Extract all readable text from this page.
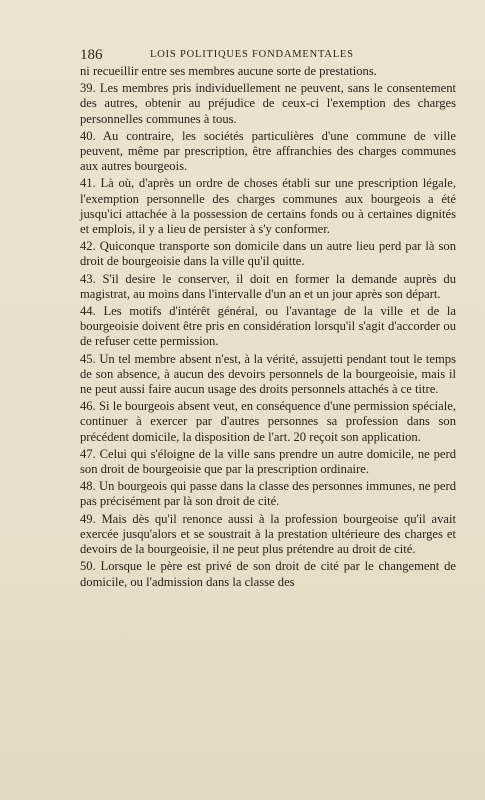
186	LOIS POLITIQUES FONDAMENTALES

ni recueillir entre ses membres aucune sorte de prestations.

39. Les membres pris individuellement ne peuvent, sans le consentement des autres, obtenir au préjudice de ceux-ci l'exemption des charges personnelles communes à tous.

40. Au contraire, les sociétés particulières d'une commune de ville peuvent, même par prescription, être affranchies des charges communes aux autres bourgeois.

41. Là où, d'après un ordre de choses établi sur une prescription légale, l'exemption personnelle des charges communes aux bourgeois a été jusqu'ici attachée à la possession de certains fonds ou à certaines dignités et emplois, il y a lieu de persister à s'y conformer.

42. Quiconque transporte son domicile dans un autre lieu perd par là son droit de bourgeoisie dans la ville qu'il quitte.

43. S'il desire le conserver, il doit en former la demande auprès du magistrat, au moins dans l'intervalle d'un an et un jour après son départ.

44. Les motifs d'intérêt général, ou l'avantage de la ville et de la bourgeoisie doivent être pris en considération lorsqu'il s'agit d'accorder ou de refuser cette permission.

45. Un tel membre absent n'est, à la vérité, assujetti pendant tout le temps de son absence, à aucun des devoirs personnels de la bourgeoisie, mais il ne peut aussi faire aucun usage des droits personnels attachés à ce titre.

46. Si le bourgeois absent veut, en conséquence d'une permission spéciale, continuer à exercer par d'autres personnes sa profession dans son précédent domicile, la disposition de l'art. 20 reçoit son application.

47. Celui qui s'éloigne de la ville sans prendre un autre domicile, ne perd son droit de bourgeoisie que par la prescription ordinaire.

48. Un bourgeois qui passe dans la classe des personnes immunes, ne perd pas précisément par là son droit de cité.

49. Mais dès qu'il renonce aussi à la profession bourgeoise qu'il avait exercée jusqu'alors et se soustrait à la prestation ultérieure des charges et devoirs de la bourgeoisie, il ne peut plus prétendre au droit de cité.

50. Lorsque le père est privé de son droit de cité par le changement de domicile, ou l'admission dans la classe des
